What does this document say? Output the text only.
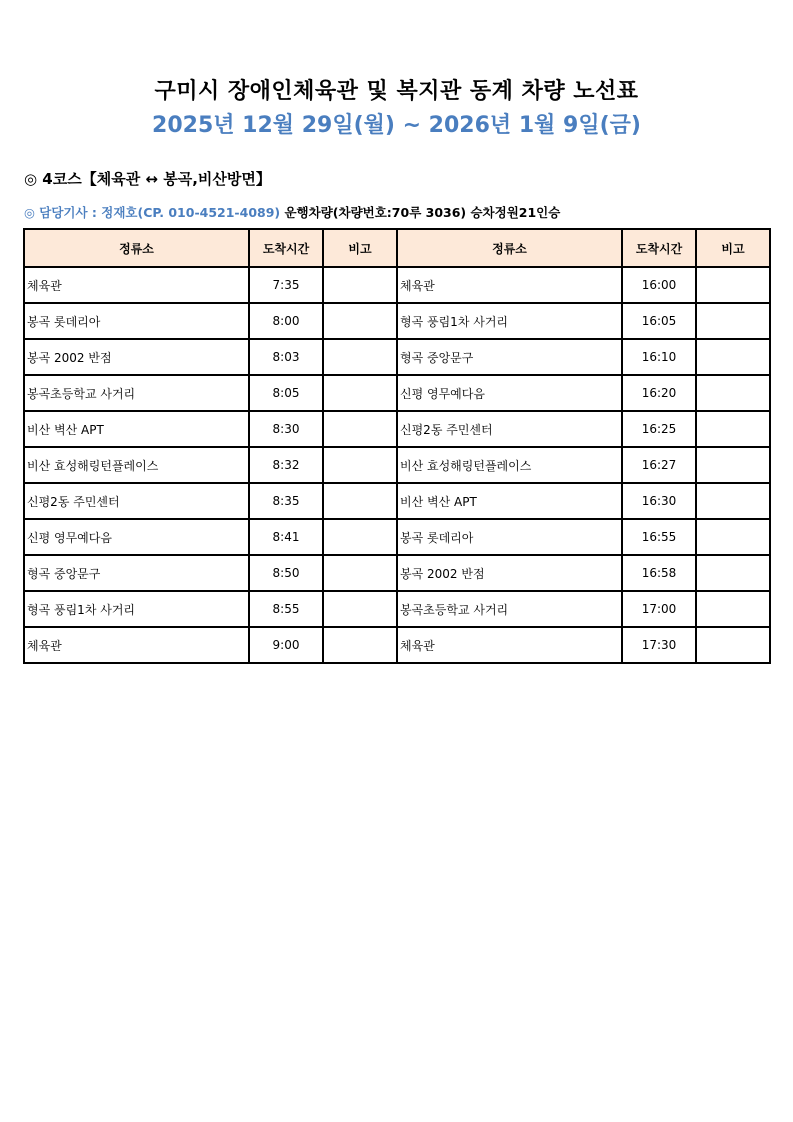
구미시 장애인체육관 및 복지관 동계 차량 노선표
2025년 12월 29일(월) ~ 2026년 1월 9일(금)
◎ 4코스【체육관 ↔ 봉곡,비산방면】
◎ 담당기사 : 정재호(CP. 010-4521-4089) 운행차량(차량번호:70루 3036) 승차정원21인승
정류소	도착시간	비고	정류소	도착시간	비고
체육관	7:35		체육관	16:00	
봉곡 롯데리아	8:00		형곡 풍림1차 사거리	16:05	
봉곡 2002 반점	8:03		형곡 중앙문구	16:10	
봉곡초등학교 사거리	8:05		신평 영무예다음	16:20	
비산 벽산 APT	8:30		신평2동 주민센터	16:25	
비산 효성해링턴플레이스	8:32		비산 효성해링턴플레이스	16:27	
신평2동 주민센터	8:35		비산 벽산 APT	16:30	
신평 영무예다음	8:41		봉곡 롯데리아	16:55	
형곡 중앙문구	8:50		봉곡 2002 반점	16:58	
형곡 풍림1차 사거리	8:55		봉곡초등학교 사거리	17:00	
체육관	9:00		체육관	17:30	
